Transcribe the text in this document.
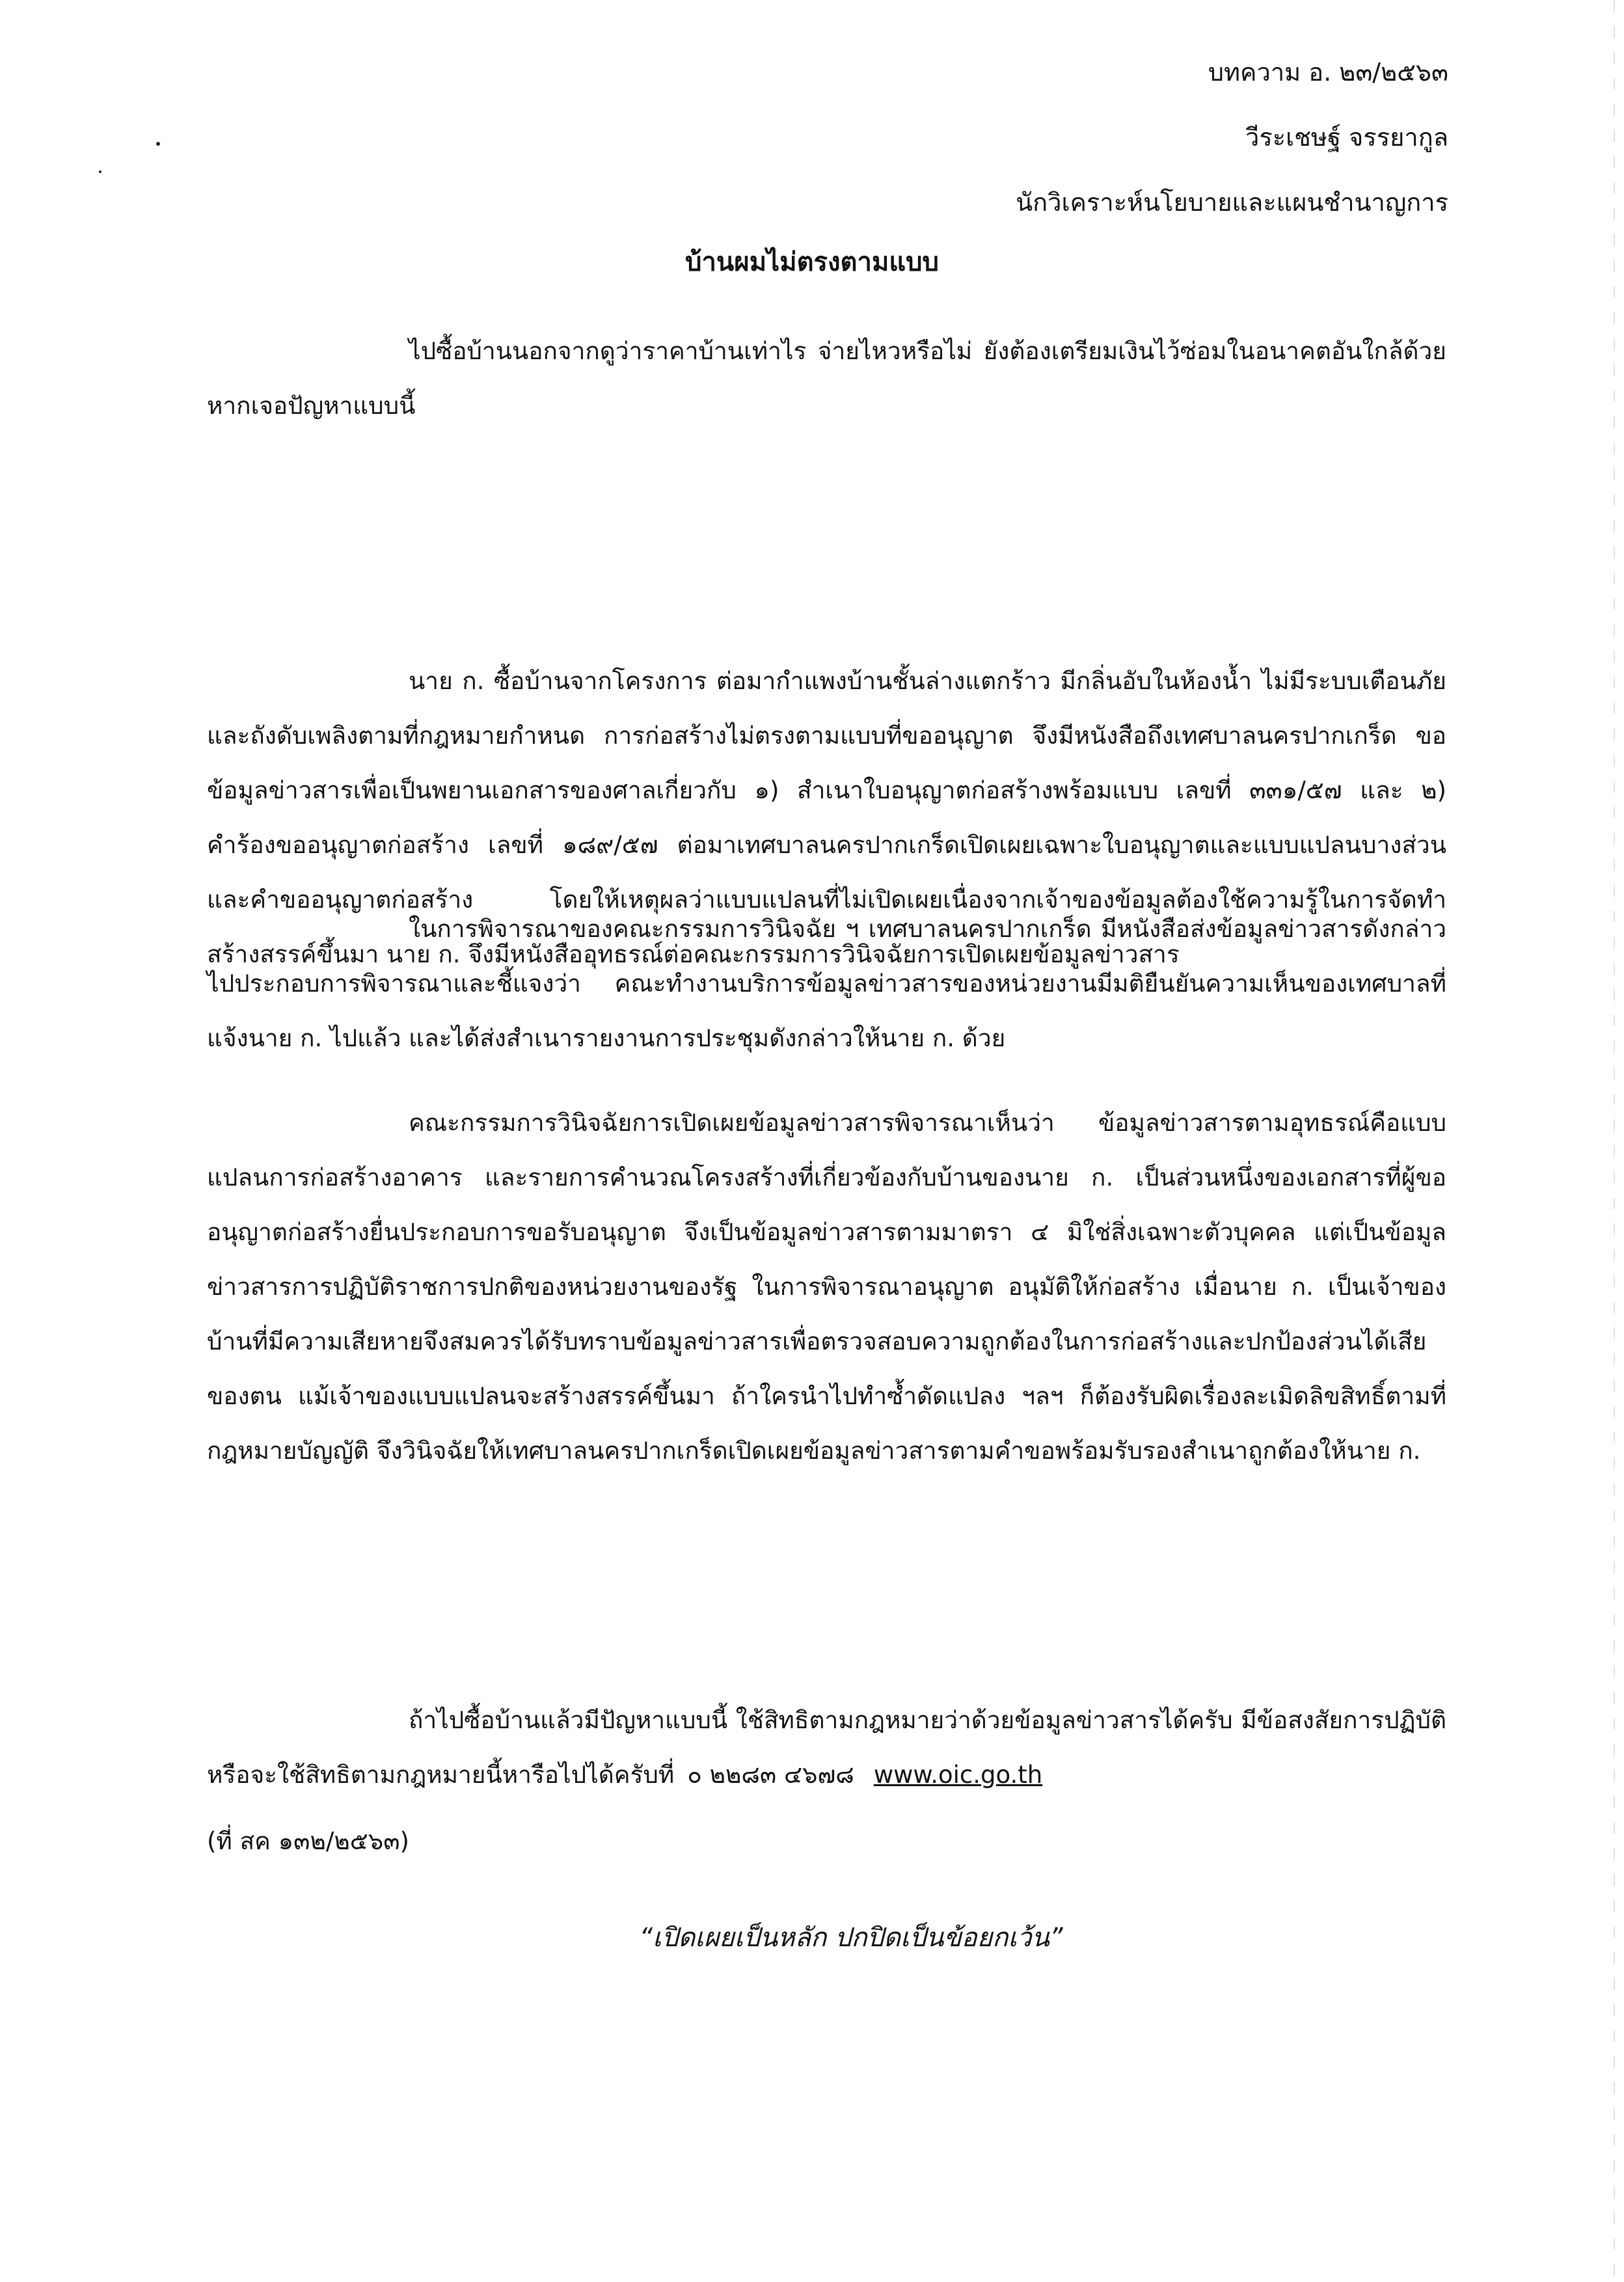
บทความ อ. ๒๓/๒๕๖๓
วีระเชษฐ์ จรรยากูล
นักวิเคราะห์นโยบายและแผนชำนาญการ
บ้านผมไม่ตรงตามแบบ

ไปซื้อบ้านนอกจากดูว่าราคาบ้านเท่าไร จ่ายไหวหรือไม่ ยังต้องเตรียมเงินไว้ซ่อมในอนาคตอันใกล้ด้วย หากเจอปัญหาแบบนี้

นาย ก. ซื้อบ้านจากโครงการ ต่อมากำแพงบ้านชั้นล่างแตกร้าว มีกลิ่นอับในห้องน้ำ ไม่มีระบบเตือนภัยและถังดับเพลิงตามที่กฎหมายกำหนด การก่อสร้างไม่ตรงตามแบบที่ขออนุญาต จึงมีหนังสือถึงเทศบาลนครปากเกร็ด ขอข้อมูลข่าวสารเพื่อเป็นพยานเอกสารของศาลเกี่ยวกับ ๑) สำเนาใบอนุญาตก่อสร้างพร้อมแบบ เลขที่ ๓๓๑/๕๗ และ ๒) คำร้องขออนุญาตก่อสร้าง เลขที่ ๑๘๙/๕๗ ต่อมาเทศบาลนครปากเกร็ดเปิดเผยเฉพาะใบอนุญาตและแบบแปลนบางส่วน และคำขออนุญาตก่อสร้าง โดยให้เหตุผลว่าแบบแปลนที่ไม่เปิดเผยเนื่องจากเจ้าของข้อมูลต้องใช้ความรู้ในการจัดทำสร้างสรรค์ขึ้นมา นาย ก. จึงมีหนังสืออุทธรณ์ต่อคณะกรรมการวินิจฉัยการเปิดเผยข้อมูลข่าวสาร

ในการพิจารณาของคณะกรรมการวินิจฉัย ฯ เทศบาลนครปากเกร็ด มีหนังสือส่งข้อมูลข่าวสารดังกล่าวไปประกอบการพิจารณาและชี้แจงว่า คณะทำงานบริการข้อมูลข่าวสารของหน่วยงานมีมติยืนยันความเห็นของเทศบาลที่แจ้งนาย ก. ไปแล้ว และได้ส่งสำเนารายงานการประชุมดังกล่าวให้นาย ก. ด้วย

คณะกรรมการวินิจฉัยการเปิดเผยข้อมูลข่าวสารพิจารณาเห็นว่า ข้อมูลข่าวสารตามอุทธรณ์คือแบบแปลนการก่อสร้างอาคาร และรายการคำนวณโครงสร้างที่เกี่ยวข้องกับบ้านของนาย ก. เป็นส่วนหนึ่งของเอกสารที่ผู้ขออนุญาตก่อสร้างยื่นประกอบการขอรับอนุญาต จึงเป็นข้อมูลข่าวสารตามมาตรา ๔ มิใช่สิ่งเฉพาะตัวบุคคล แต่เป็นข้อมูลข่าวสารการปฏิบัติราชการปกติของหน่วยงานของรัฐ ในการพิจารณาอนุญาต อนุมัติให้ก่อสร้าง เมื่อนาย ก. เป็นเจ้าของบ้านที่มีความเสียหายจึงสมควรได้รับทราบข้อมูลข่าวสารเพื่อตรวจสอบความถูกต้องในการก่อสร้างและปกป้องส่วนได้เสียของตน แม้เจ้าของแบบแปลนจะสร้างสรรค์ขึ้นมา ถ้าใครนำไปทำซ้ำดัดแปลง ฯลฯ ก็ต้องรับผิดเรื่องละเมิดลิขสิทธิ์ตามที่กฎหมายบัญญัติ จึงวินิจฉัยให้เทศบาลนครปากเกร็ดเปิดเผยข้อมูลข่าวสารตามคำขอพร้อมรับรองสำเนาถูกต้องให้นาย ก.

ถ้าไปซื้อบ้านแล้วมีปัญหาแบบนี้ ใช้สิทธิตามกฎหมายว่าด้วยข้อมูลข่าวสารได้ครับ มีข้อสงสัยการปฏิบัติหรือจะใช้สิทธิตามกฎหมายนี้หารือไปได้ครับที่ ๐ ๒๒๘๓ ๔๖๗๘ www.oic.go.th

(ที่ สค ๑๓๒/๒๕๖๓)
“เปิดเผยเป็นหลัก ปกปิดเป็นข้อยกเว้น”
